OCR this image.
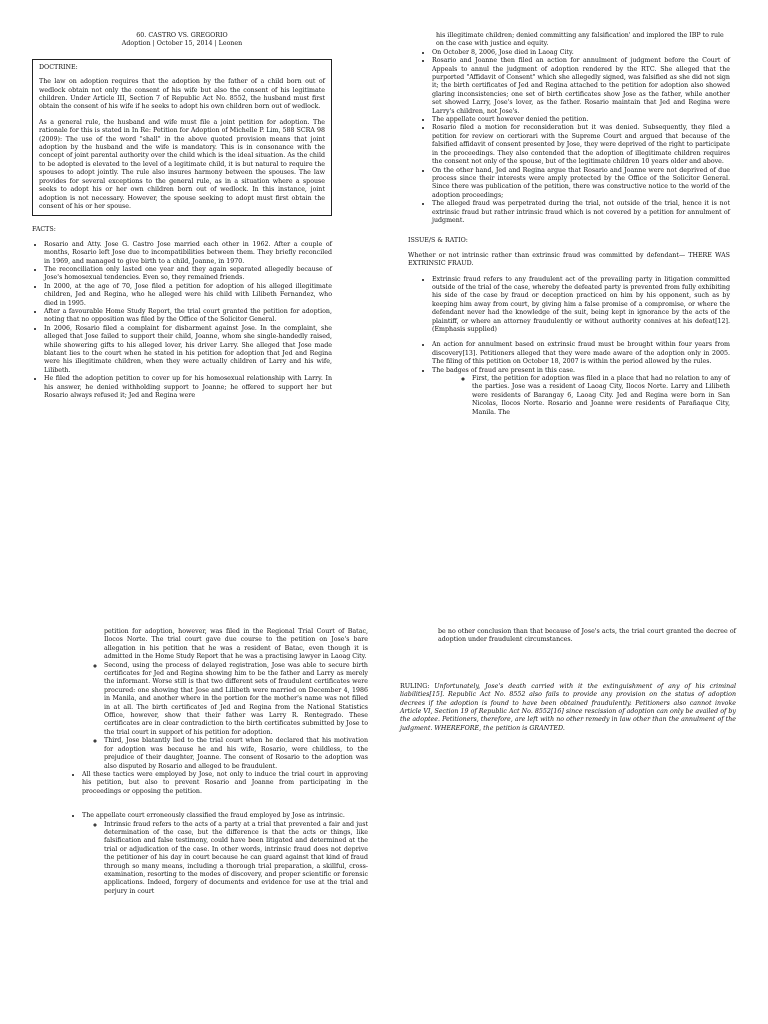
60. CASTRO VS. GREGORIO
Adoption | October 15, 2014 | Leonen
DOCTRINE:

The law on adoption requires that the adoption by the father of a child born out of wedlock obtain not only the consent of his wife but also the consent of his legitimate children. Under Article III, Section 7 of Republic Act No. 8552, the husband must first obtain the consent of his wife if he seeks to adopt his own children born out of wedlock.

As a general rule, the husband and wife must file a joint petition for adoption. The rationale for this is stated in In Re: Petition for Adoption of Michelle P. Lim, 588 SCRA 98 (2009): The use of the word "shall" in the above quoted provision means that joint adoption by the husband and the wife is mandatory. This is in consonance with the concept of joint parental authority over the child which is the ideal situation. As the child to be adopted is elevated to the level of a legitimate child, it is but natural to require the spouses to adopt jointly. The rule also insures harmony between the spouses. The law provides for several exceptions to the general rule, as in a situation where a spouse seeks to adopt his or her own children born out of wedlock. In this instance, joint adoption is not necessary. However, the spouse seeking to adopt must first obtain the consent of his or her spouse.

FACTS:
• Rosario and Atty. Jose G. Castro Jose married each other in 1962. After a couple of months, Rosario left Jose due to incompatibilities between them. They briefly reconciled in 1969, and managed to give birth to a child, Joanne, in 1970.
• The reconciliation only lasted one year and they again separated allegedly because of Jose's homosexual tendencies. Even so, they remained friends.
• In 2000, at the age of 70, Jose filed a petition for adoption of his alleged illegitimate children, Jed and Regina, who he alleged were his child with Lilibeth Fernandez, who died in 1995.
• After a favourable Home Study Report, the trial court granted the petition for adoption, noting that no opposition was filed by the Office of the Solicitor General.
• In 2006, Rosario filed a complaint for disbarment against Jose. In the complaint, she alleged that Jose failed to support their child, Joanne, whom she single-handedly raised, while showering gifts to his alleged lover, his driver Larry. She alleged that Jose made blatant lies to the court when he stated in his petition for adoption that Jed and Regina were his illegitimate children, when they were actually children of Larry and his wife, Lilibeth.
• He filed the adoption petition to cover up for his homosexual relationship with Larry. In his answer, he denied withholding support to Joanne; he offered to support her but Rosario always refused it; Jed and Regina were
his illegitimate children; denied committing any falsification' and implored the IBP to rule on the case with justice and equity.
• On October 8, 2006, Jose died in Laoag City.
• Rosario and Joanne then filed an action for annulment of judgment before the Court of Appeals to annul the judgment of adoption rendered by the RTC. She alleged that the purported "Affidavit of Consent" which she allegedly signed, was falsified as she did not sign it; the birth certificates of Jed and Regina attached to the petition for adoption also showed glaring inconsistencies; one set of birth certificates show Jose as the father, while another set showed Larry, Jose's lover, as the father. Rosario maintain that Jed and Regina were Larry's children, not Jose's.
• The appellate court however denied the petition.
• Rosario filed a motion for reconsideration but it was denied. Subsequently, they filed a petition for review on certiorari with the Supreme Court and argued that because of the falsified affidavit of consent presented by Jose, they were deprived of the right to participate in the proceedings. They also contended that the adoption of illegitimate children requires the consent not only of the spouse, but of the legitimate children 10 years older and above.
• On the other hand, Jed and Regina argue that Rosario and Joanne were not deprived of due process since their interests were amply protected by the Office of the Solicitor General. Since there was publication of the petition, there was constructive notice to the world of the adoption proceedings;
• The alleged fraud was perpetrated during the trial, not outside of the trial, hence it is not extrinsic fraud but rather intrinsic fraud which is not covered by a petition for annulment of judgment.
ISSUE/S & RATIO:

Whether or not intrinsic rather than extrinsic fraud was committed by defendant— THERE WAS EXTRINSIC FRAUD.

• Extrinsic fraud refers to any fraudulent act of the prevailing party in litigation committed outside of the trial of the case, whereby the defeated party is prevented from fully exhibiting his side of the case by fraud or deception practiced on him by his opponent, such as by keeping him away from court, by giving him a false promise of a compromise, or where the defendant never had the knowledge of the suit, being kept in ignorance by the acts of the plaintiff, or where an attorney fraudulently or without authority connives at his defeat[12]. (Emphasis supplied)
• An action for annulment based on extrinsic fraud must be brought within four years from discovery[13]. Petitioners alleged that they were made aware of the adoption only in 2005. The filing of this petition on October 18, 2007 is within the period allowed by the rules.
• The badges of fraud are present in this case.
◦ First, the petition for adoption was filed in a place that had no relation to any of the parties. Jose was a resident of Laoag City, Ilocos Norte. Larry and Lilibeth were residents of Barangay 6, Laoag City. Jed and Regina were born in San Nicolas, Ilocos Norte. Rosario and Joanne were residents of Parañaque City, Manila. The
petition for adoption, however, was filed in the Regional Trial Court of Batac, Ilocos Norte. The trial court gave due course to the petition on Jose's bare allegation in his petition that he was a resident of Batac, even though it is admitted in the Home Study Report that he was a practising lawyer in Laoag City.
◦ Second, using the process of delayed registration, Jose was able to secure birth certificates for Jed and Regina showing him to be the father and Larry as merely the informant. Worse still is that two different sets of fraudulent certificates were procured: one showing that Jose and Lilibeth were married on December 4, 1986 in Manila, and another where in the portion for the mother's name was not filled in at all. The birth certificates of Jed and Regina from the National Statistics Office, however, show that their father was Larry R. Rentegrado. These certificates are in clear contradiction to the birth certificates submitted by Jose to the trial court in support of his petition for adoption.
◦ Third, Jose blatantly lied to the trial court when he declared that his motivation for adoption was because he and his wife, Rosario, were childless, to the prejudice of their daughter, Joanne. The consent of Rosario to the adoption was also disputed by Rosario and alleged to be fraudulent.
• All these tactics were employed by Jose, not only to induce the trial court in approving his petition, but also to prevent Rosario and Joanne from participating in the proceedings or opposing the petition.
• The appellate court erroneously classified the fraud employed by Jose as intrinsic.
◦ Intrinsic fraud refers to the acts of a party at a trial that prevented a fair and just determination of the case, but the difference is that the acts or things, like falsification and false testimony, could have been litigated and determined at the trial or adjudication of the case. In other words, intrinsic fraud does not deprive the petitioner of his day in court because he can guard against that kind of fraud through so many means, including a thorough trial preparation, a skillful, cross-examination, resorting to the modes of discovery, and proper scientific or forensic applications. Indeed, forgery of documents and evidence for use at the trial and perjury in court
be no other conclusion than that because of Jose's acts, the trial court granted the decree of adoption under fraudulent circumstances.
RULING: Unfortunately, Jose's death carried with it the extinguishment of any of his criminal liabilities[15]. Republic Act No. 8552 also fails to provide any provision on the status of adoption decrees if the adoption is found to have been obtained fraudulently. Petitioners also cannot invoke Article VI, Section 19 of Republic Act No. 8552[16] since rescission of adoption can only be availed of by the adoptee. Petitioners, therefore, are left with no other remedy in law other than the annulment of the judgment. WHEREFORE, the petition is GRANTED.
